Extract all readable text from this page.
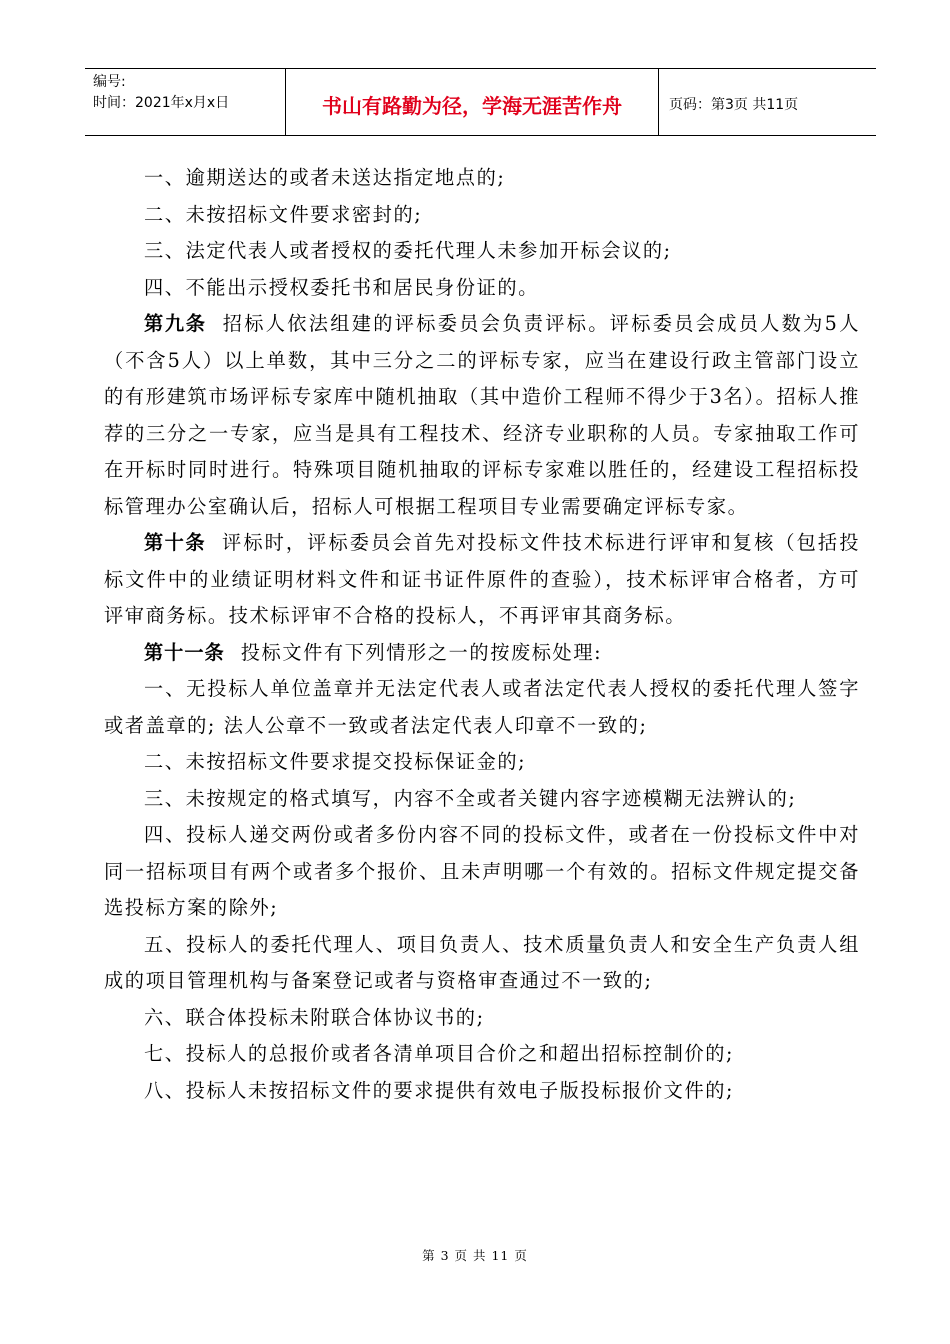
编号:
时间：2021年x月x日	书山有路勤为径，学海无涯苦作舟	页码：第3页 共11页

一、逾期送达的或者未送达指定地点的;

二、未按招标文件要求密封的;

三、法定代表人或者授权的委托代理人未参加开标会议的;

四、不能出示授权委托书和居民身份证的。

第九条 招标人依法组建的评标委员会负责评标。评标委员会成员人数为5人（不含5人）以上单数，其中三分之二的评标专家，应当在建设行政主管部门设立的有形建筑市场评标专家库中随机抽取（其中造价工程师不得少于3名）。招标人推荐的三分之一专家，应当是具有工程技术、经济专业职称的人员。专家抽取工作可在开标时同时进行。特殊项目随机抽取的评标专家难以胜任的，经建设工程招标投标管理办公室确认后，招标人可根据工程项目专业需要确定评标专家。

第十条 评标时，评标委员会首先对投标文件技术标进行评审和复核（包括投标文件中的业绩证明材料文件和证书证件原件的查验），技术标评审合格者，方可评审商务标。技术标评审不合格的投标人，不再评审其商务标。

第十一条 投标文件有下列情形之一的按废标处理:

一、无投标人单位盖章并无法定代表人或者法定代表人授权的委托代理人签字或者盖章的; 法人公章不一致或者法定代表人印章不一致的;

二、未按招标文件要求提交投标保证金的;

三、未按规定的格式填写，内容不全或者关键内容字迹模糊无法辨认的;

四、投标人递交两份或者多份内容不同的投标文件，或者在一份投标文件中对同一招标项目有两个或者多个报价、且未声明哪一个有效的。招标文件规定提交备选投标方案的除外;

五、投标人的委托代理人、项目负责人、技术质量负责人和安全生产负责人组成的项目管理机构与备案登记或者与资格审查通过不一致的;

六、联合体投标未附联合体协议书的;

七、投标人的总报价或者各清单项目合价之和超出招标控制价的;

八、投标人未按招标文件的要求提供有效电子版投标报价文件的;

第 3 页 共 11 页
